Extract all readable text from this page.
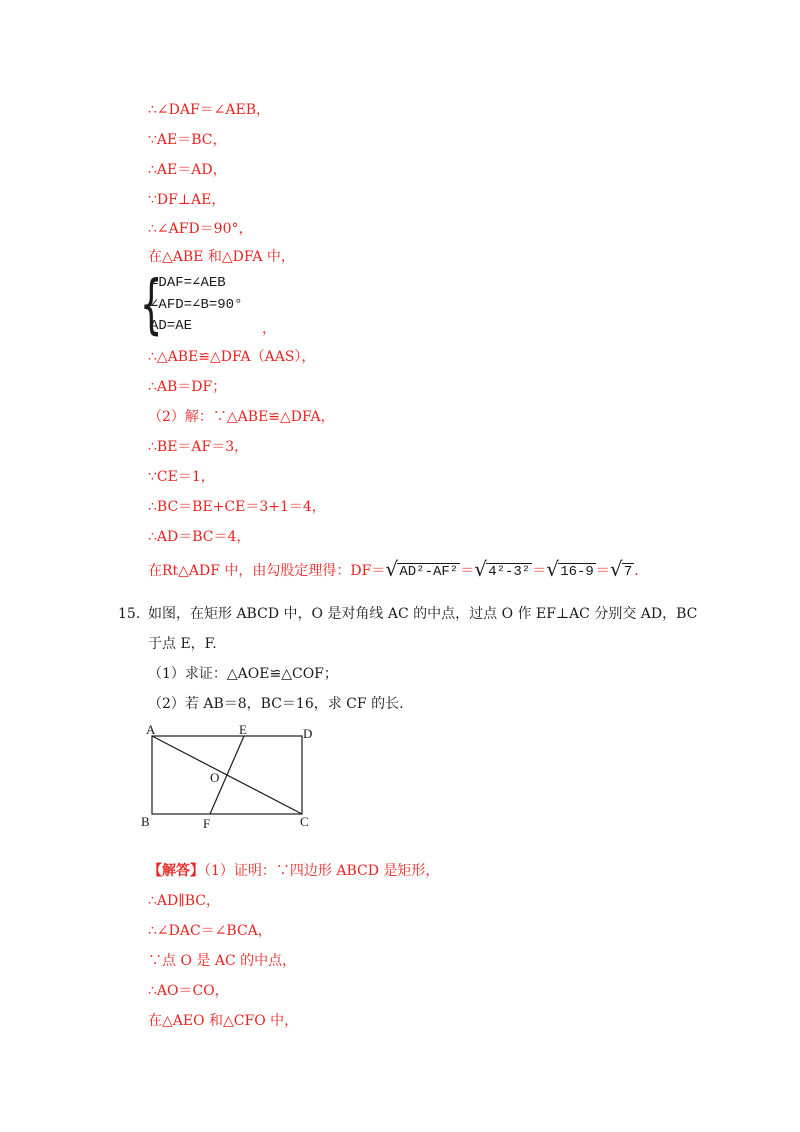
∴∠DAF＝∠AEB，
∵AE＝BC，
∴AE＝AD，
∵DF⊥AE，
∴∠AFD＝90°，
在△ABE 和△DFA 中，
{
∠DAF=∠AEB
∠AFD=∠B=90°
AD=AE	，
∴△ABE≌△DFA（AAS），
∴AB＝DF；
（2）解：∵△ABE≌△DFA，
∴BE＝AF＝3，
∵CE＝1，
∴BC＝BE+CE＝3+1＝4，
∴AD＝BC＝4，
在Rt△ADF 中，由勾股定理得：DF＝ √ AD²-AF² ＝ √ 4²-3² ＝ √ 16-9 ＝ √ 7 .
15. 如图，在矩形 ABCD 中，O 是对角线 AC 的中点，过点 O 作 EF⊥AC 分别交 AD，BC
于点 E，F.
（1）求证：△AOE≌△COF；
（2）若 AB＝8，BC＝16，求 CF 的长.
A	E	D
O
B	F	C
【解答】（1）证明：∵四边形 ABCD 是矩形，
∴AD∥BC，
∴∠DAC＝∠BCA，
∵点 O 是 AC 的中点，
∴AO＝CO，
在△AEO 和△CFO 中，
